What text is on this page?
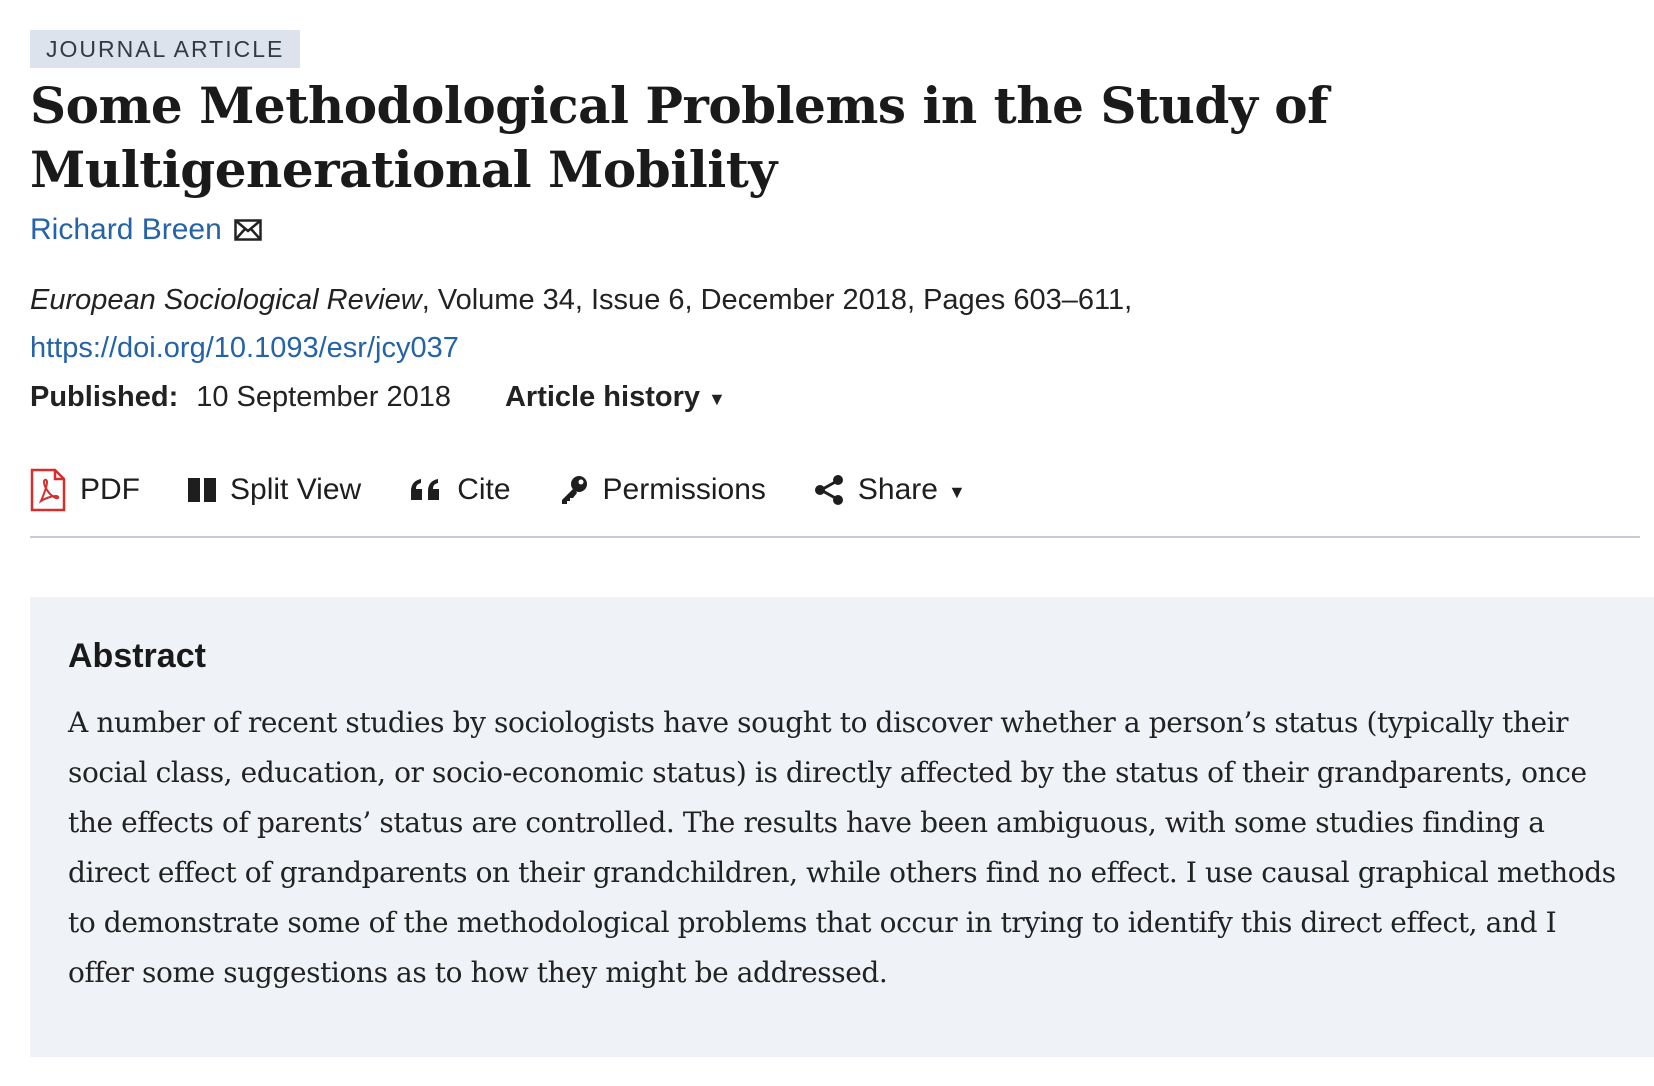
JOURNAL ARTICLE
Some Methodological Problems in the Study of Multigenerational Mobility
Richard Breen
European Sociological Review, Volume 34, Issue 6, December 2018, Pages 603–611,
https://doi.org/10.1093/esr/jcy037
Published: 10 September 2018 Article history ▼
PDF	Split View	Cite	Permissions	Share ▼
Abstract

A number of recent studies by sociologists have sought to discover whether a person’s status (typically their social class, education, or socio-economic status) is directly affected by the status of their grandparents, once the effects of parents’ status are controlled. The results have been ambiguous, with some studies finding a direct effect of grandparents on their grandchildren, while others find no effect. I use causal graphical methods to demonstrate some of the methodological problems that occur in trying to identify this direct effect, and I offer some suggestions as to how they might be addressed.
